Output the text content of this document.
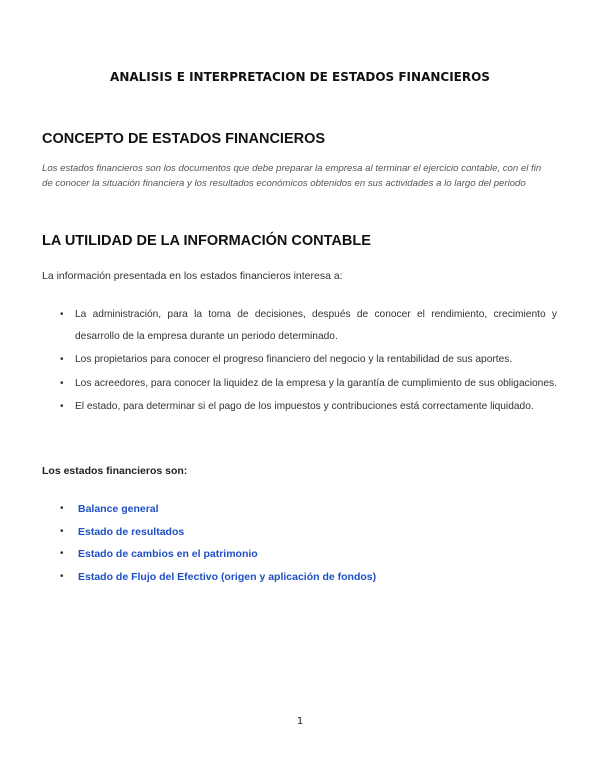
ANALISIS E INTERPRETACION DE ESTADOS FINANCIEROS
CONCEPTO DE ESTADOS FINANCIEROS
Los estados financieros son los documentos que debe preparar la empresa al terminar el ejercicio contable, con el fin
de conocer la situación financiera y los resultados económicos obtenidos en sus actividades a lo largo del periodo
LA UTILIDAD DE LA INFORMACIÓN CONTABLE
La información presentada en los estados financieros interesa a:
• La administración, para la toma de decisiones, después de conocer el rendimiento, crecimiento y desarrollo de la empresa durante un periodo determinado.
• Los propietarios para conocer el progreso financiero del negocio y la rentabilidad de sus aportes.
• Los acreedores, para conocer la liquidez de la empresa y la garantía de cumplimiento de sus obligaciones.
• El estado, para determinar si el pago de los impuestos y contribuciones está correctamente liquidado.
Los estados financieros son:
• Balance general
• Estado de resultados
• Estado de cambios en el patrimonio
• Estado de Flujo del Efectivo (origen y aplicación de fondos)
1
